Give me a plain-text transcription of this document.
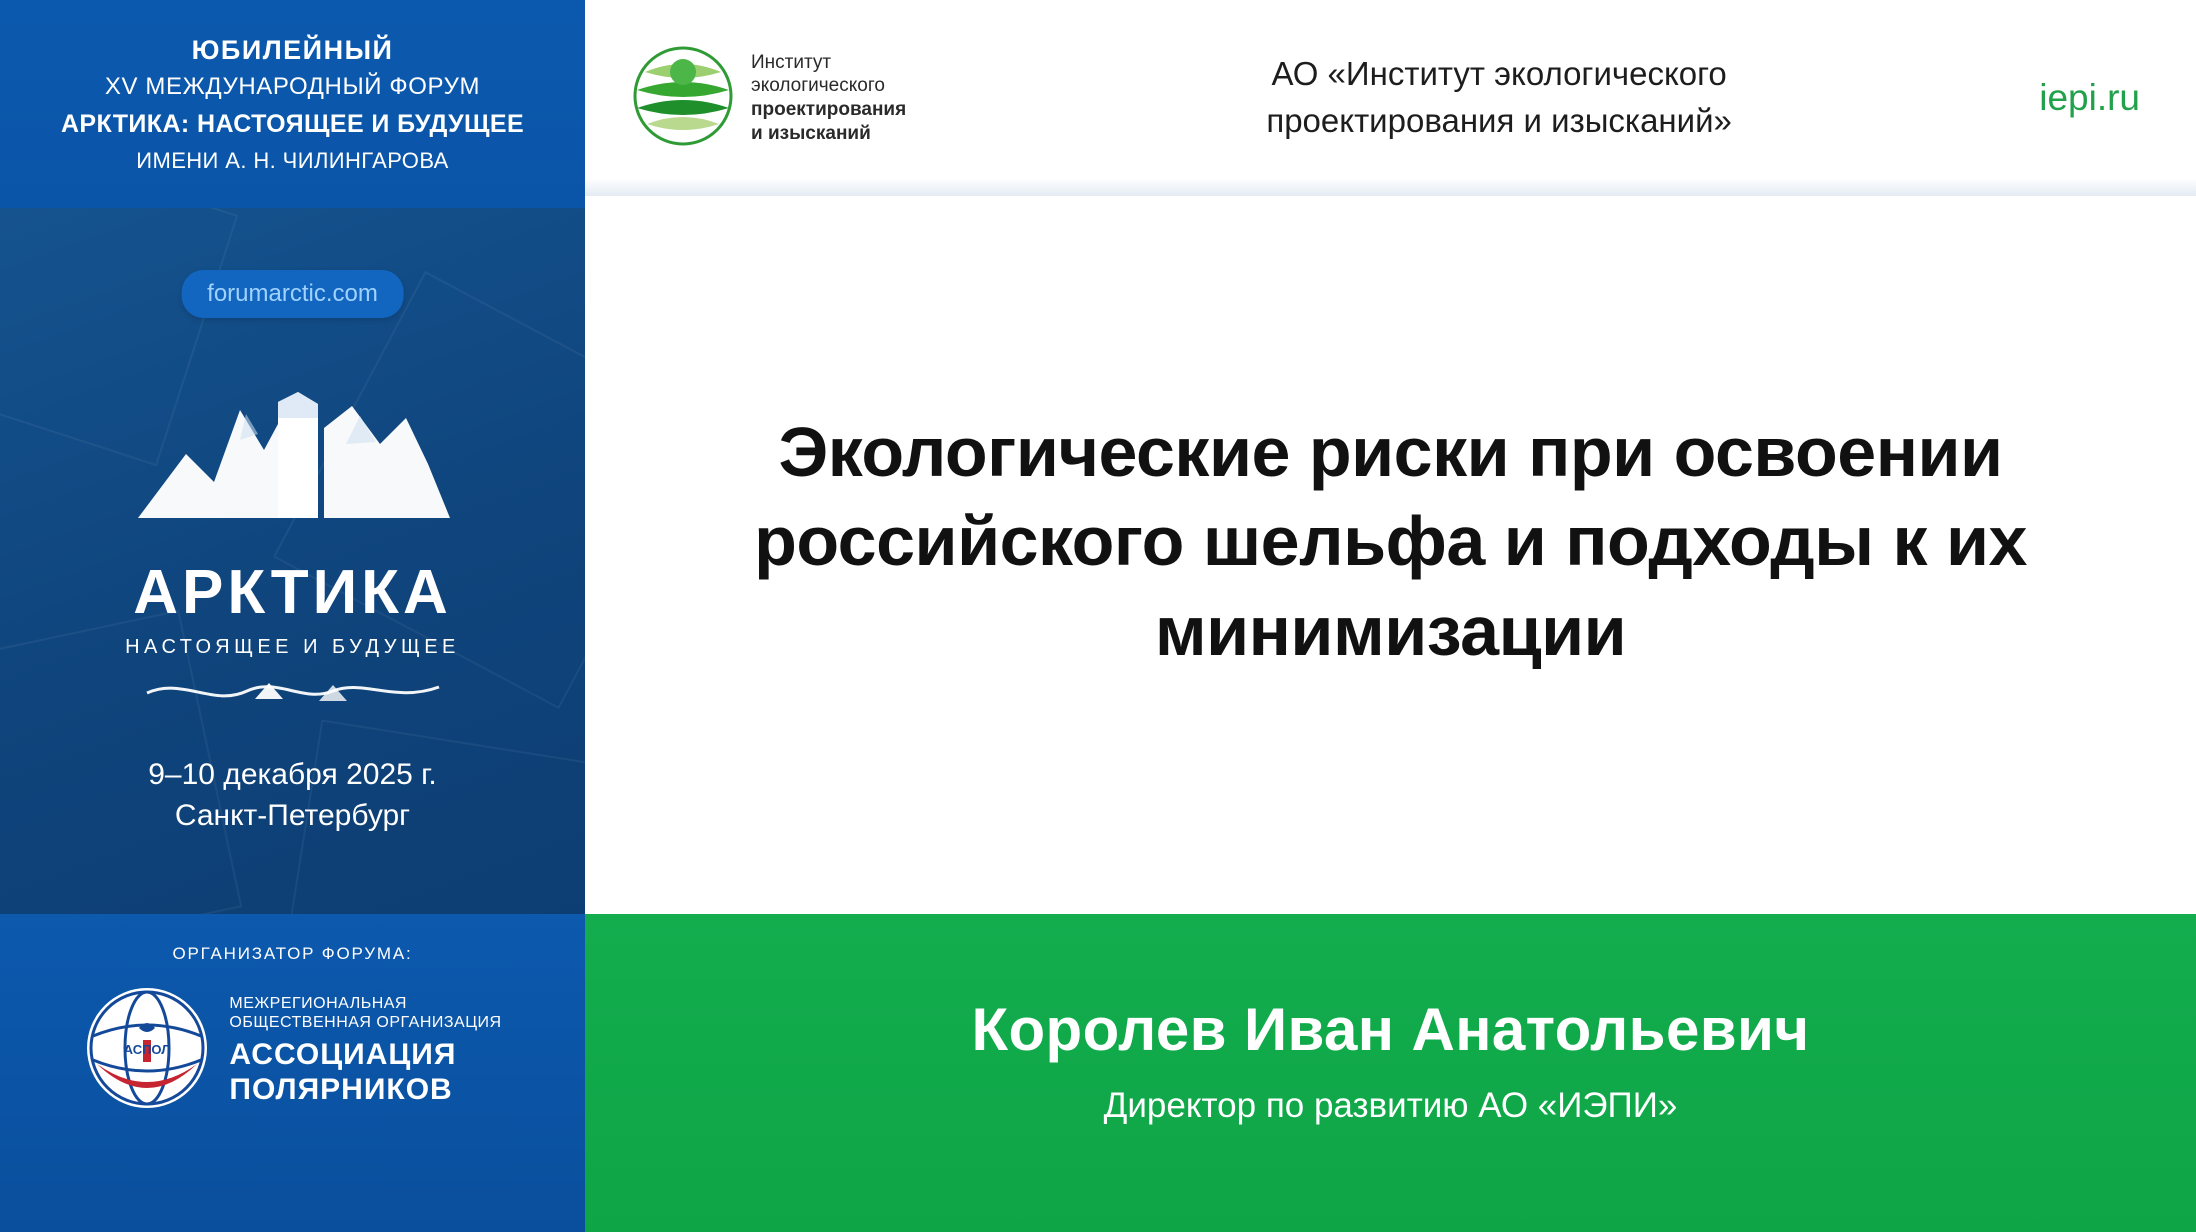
ЮБИЛЕЙНЫЙ
XV МЕЖДУНАРОДНЫЙ ФОРУМ
АРКТИКА: НАСТОЯЩЕЕ И БУДУЩЕЕ
ИМЕНИ А. Н. ЧИЛИНГАРОВА
forumarctic.com
АРКТИКА
НАСТОЯЩЕЕ И БУДУЩЕЕ
9–10 декабря 2025 г.
Санкт-Петербург
ОРГАНИЗАТОР ФОРУМА:
АСПОЛ
МЕЖРЕГИОНАЛЬНАЯ
ОБЩЕСТВЕННАЯ ОРГАНИЗАЦИЯ
АССОЦИАЦИЯ
ПОЛЯРНИКОВ
Институт
экологического
проектирования
и изысканий
АО «Институт экологического
проектирования и изысканий»
iepi.ru
Экологические риски при освоении российского шельфа и подходы к их минимизации
Королев Иван Анатольевич
Директор по развитию АО «ИЭПИ»
